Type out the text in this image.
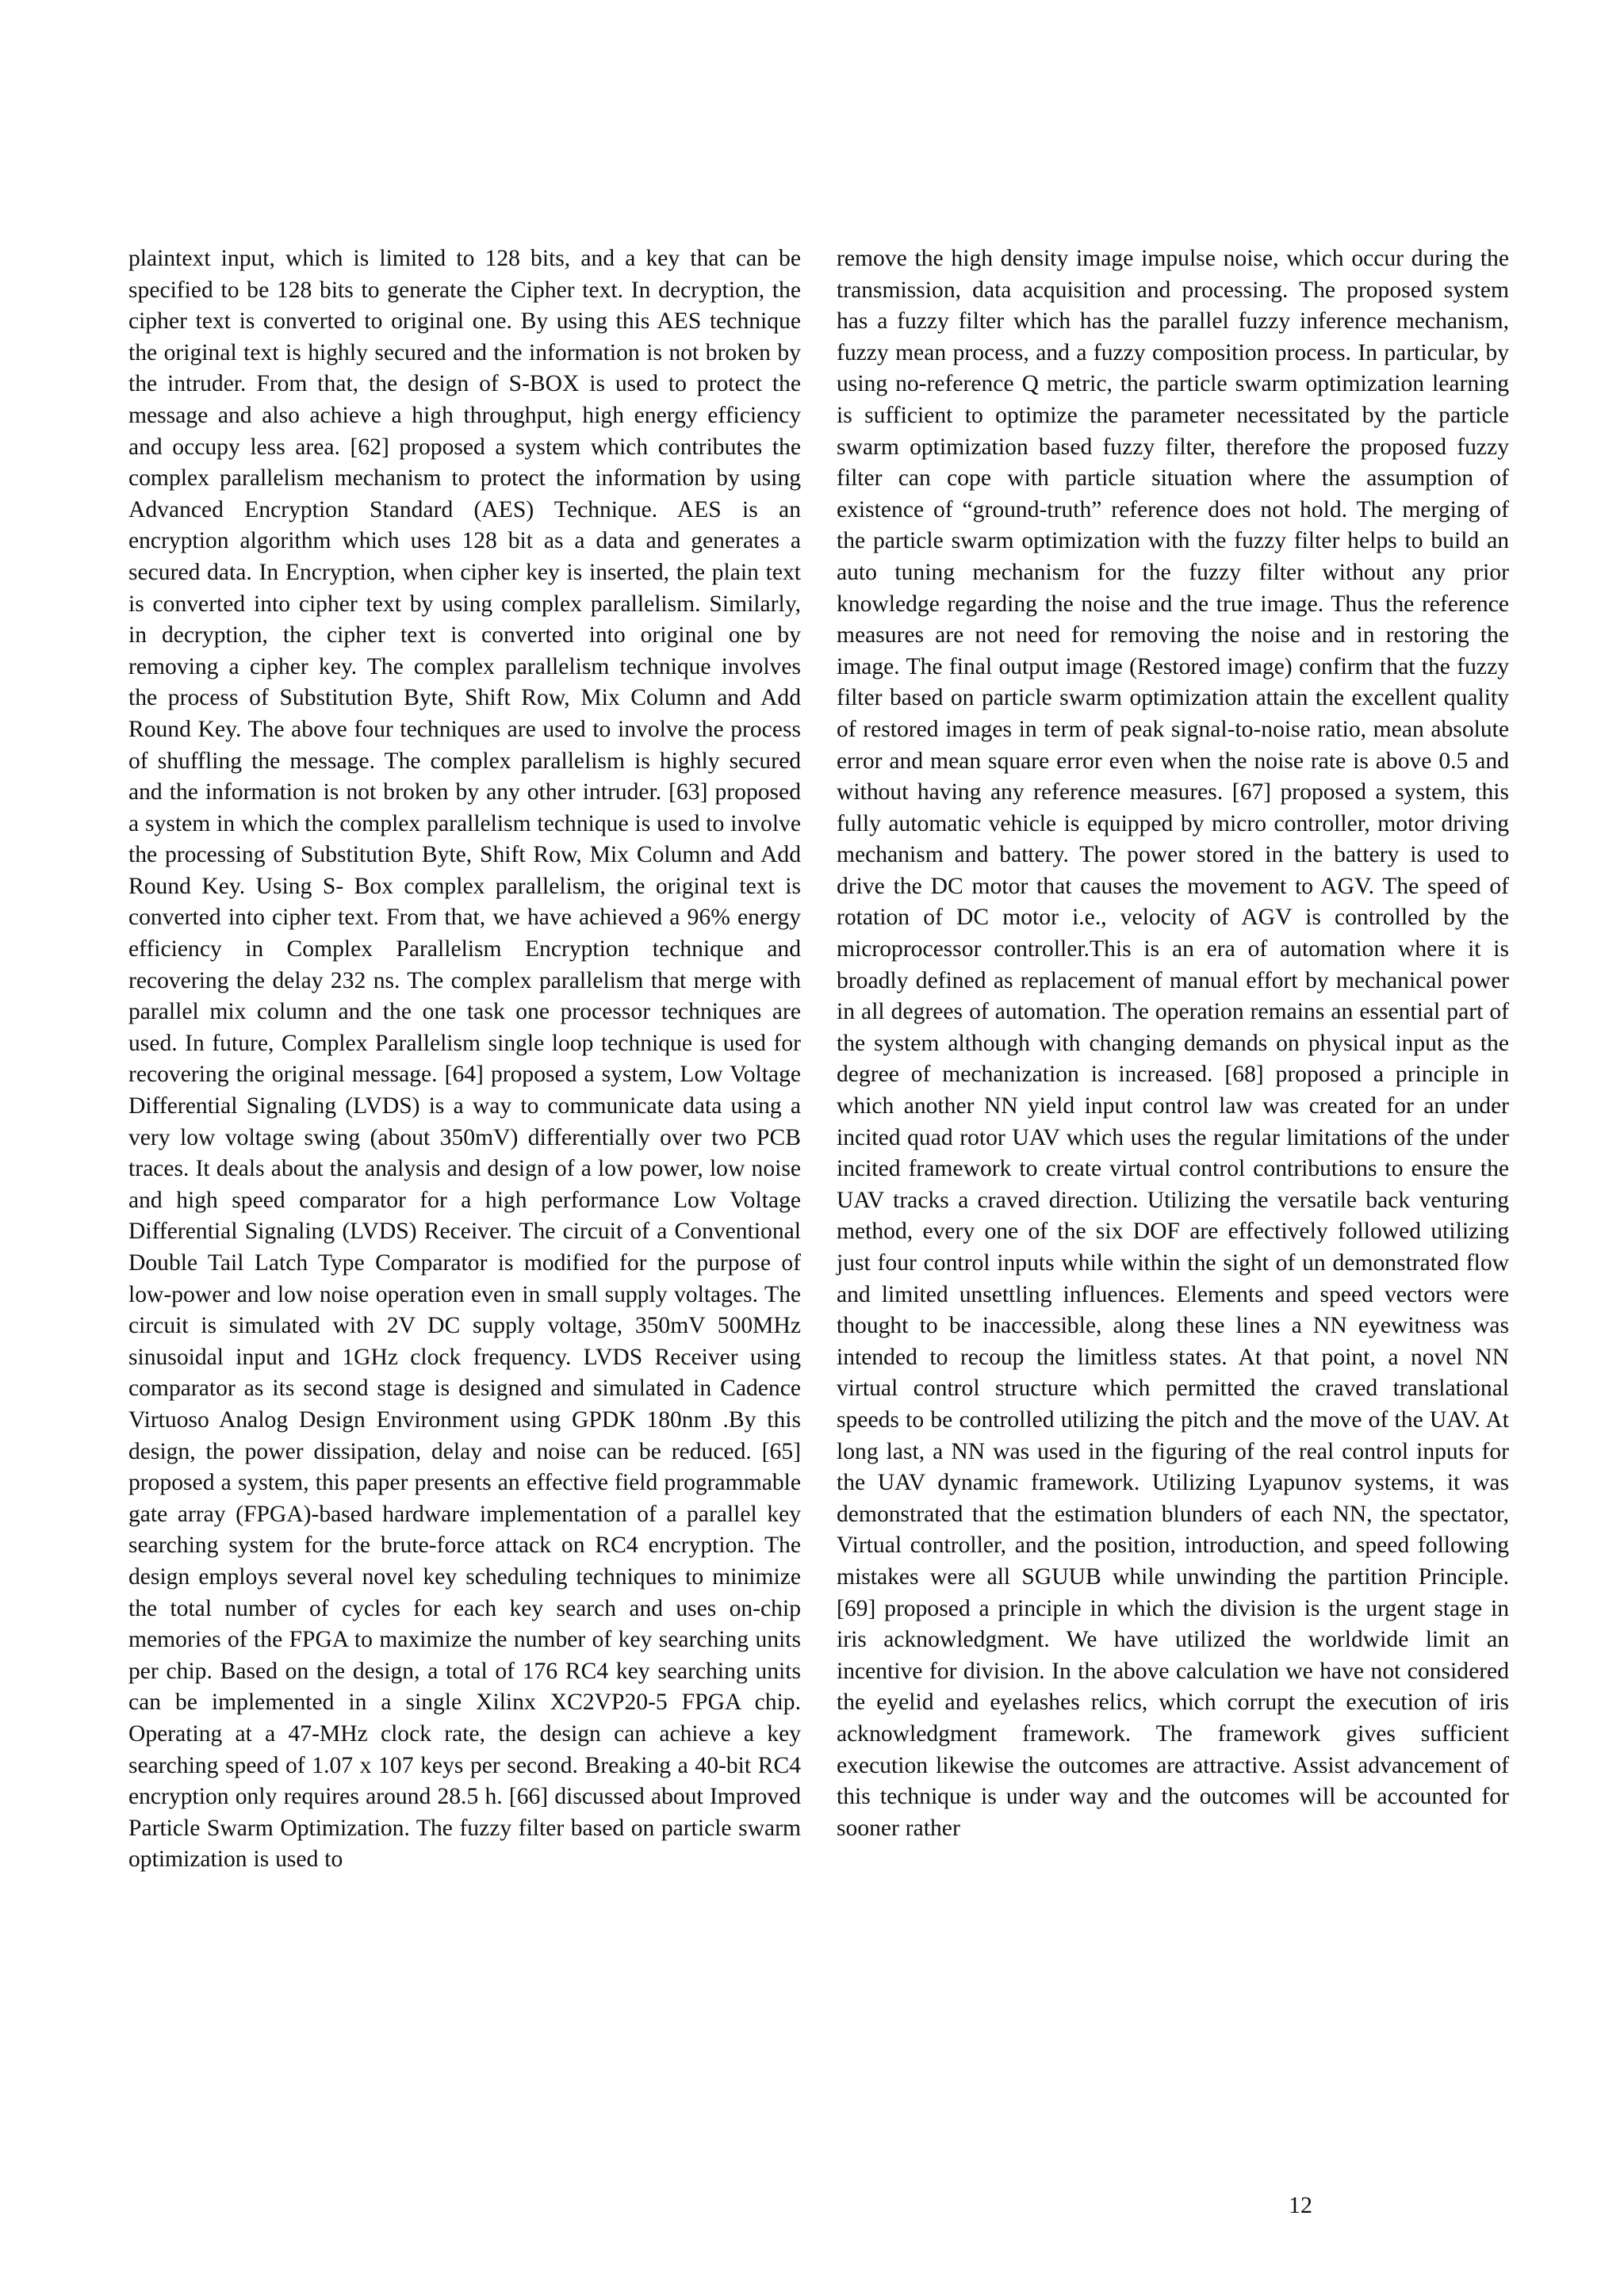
plaintext input, which is limited to 128 bits, and a key that can be specified to be 128 bits to generate the Cipher text. In decryption, the cipher text is converted to original one. By using this AES technique the original text is highly secured and the information is not broken by the intruder. From that, the design of S-BOX is used to protect the message and also achieve a high throughput, high energy efficiency and occupy less area. [62] proposed a system which contributes the complex parallelism mechanism to protect the information by using Advanced Encryption Standard (AES) Technique. AES is an encryption algorithm which uses 128 bit as a data and generates a secured data. In Encryption, when cipher key is inserted, the plain text is converted into cipher text by using complex parallelism. Similarly, in decryption, the cipher text is converted into original one by removing a cipher key. The complex parallelism technique involves the process of Substitution Byte, Shift Row, Mix Column and Add Round Key. The above four techniques are used to involve the process of shuffling the message. The complex parallelism is highly secured and the information is not broken by any other intruder. [63] proposed a system in which the complex parallelism technique is used to involve the processing of Substitution Byte, Shift Row, Mix Column and Add Round Key. Using S- Box complex parallelism, the original text is converted into cipher text. From that, we have achieved a 96% energy efficiency in Complex Parallelism Encryption technique and recovering the delay 232 ns. The complex parallelism that merge with parallel mix column and the one task one processor techniques are used. In future, Complex Parallelism single loop technique is used for recovering the original message. [64] proposed a system, Low Voltage Differential Signaling (LVDS) is a way to communicate data using a very low voltage swing (about 350mV) differentially over two PCB traces. It deals about the analysis and design of a low power, low noise and high speed comparator for a high performance Low Voltage Differential Signaling (LVDS) Receiver. The circuit of a Conventional Double Tail Latch Type Comparator is modified for the purpose of low-power and low noise operation even in small supply voltages. The circuit is simulated with 2V DC supply voltage, 350mV 500MHz sinusoidal input and 1GHz clock frequency. LVDS Receiver using comparator as its second stage is designed and simulated in Cadence Virtuoso Analog Design Environment using GPDK 180nm .By this design, the power dissipation, delay and noise can be reduced. [65] proposed a system, this paper presents an effective field programmable gate array (FPGA)-based hardware implementation of a parallel key searching system for the brute-force attack on RC4 encryption. The design employs several novel key scheduling techniques to minimize the total number of cycles for each key search and uses on-chip memories of the FPGA to maximize the number of key searching units per chip. Based on the design, a total of 176 RC4 key searching units can be implemented in a single Xilinx XC2VP20-5 FPGA chip. Operating at a 47-MHz clock rate, the design can achieve a key searching speed of 1.07 x 107 keys per second. Breaking a 40-bit RC4 encryption only requires around 28.5 h. [66] discussed about Improved Particle Swarm Optimization. The fuzzy filter based on particle swarm optimization is used to

remove the high density image impulse noise, which occur during the transmission, data acquisition and processing. The proposed system has a fuzzy filter which has the parallel fuzzy inference mechanism, fuzzy mean process, and a fuzzy composition process. In particular, by using no-reference Q metric, the particle swarm optimization learning is sufficient to optimize the parameter necessitated by the particle swarm optimization based fuzzy filter, therefore the proposed fuzzy filter can cope with particle situation where the assumption of existence of “ground-truth” reference does not hold. The merging of the particle swarm optimization with the fuzzy filter helps to build an auto tuning mechanism for the fuzzy filter without any prior knowledge regarding the noise and the true image. Thus the reference measures are not need for removing the noise and in restoring the image. The final output image (Restored image) confirm that the fuzzy filter based on particle swarm optimization attain the excellent quality of restored images in term of peak signal-to-noise ratio, mean absolute error and mean square error even when the noise rate is above 0.5 and without having any reference measures. [67] proposed a system, this fully automatic vehicle is equipped by micro controller, motor driving mechanism and battery. The power stored in the battery is used to drive the DC motor that causes the movement to AGV. The speed of rotation of DC motor i.e., velocity of AGV is controlled by the microprocessor controller.This is an era of automation where it is broadly defined as replacement of manual effort by mechanical power in all degrees of automation. The operation remains an essential part of the system although with changing demands on physical input as the degree of mechanization is increased. [68] proposed a principle in which another NN yield input control law was created for an under incited quad rotor UAV which uses the regular limitations of the under incited framework to create virtual control contributions to ensure the UAV tracks a craved direction. Utilizing the versatile back venturing method, every one of the six DOF are effectively followed utilizing just four control inputs while within the sight of un demonstrated flow and limited unsettling influences. Elements and speed vectors were thought to be inaccessible, along these lines a NN eyewitness was intended to recoup the limitless states. At that point, a novel NN virtual control structure which permitted the craved translational speeds to be controlled utilizing the pitch and the move of the UAV. At long last, a NN was used in the figuring of the real control inputs for the UAV dynamic framework. Utilizing Lyapunov systems, it was demonstrated that the estimation blunders of each NN, the spectator, Virtual controller, and the position, introduction, and speed following mistakes were all SGUUB while unwinding the partition Principle. [69] proposed a principle in which the division is the urgent stage in iris acknowledgment. We have utilized the worldwide limit an incentive for division. In the above calculation we have not considered the eyelid and eyelashes relics, which corrupt the execution of iris acknowledgment framework. The framework gives sufficient execution likewise the outcomes are attractive. Assist advancement of this technique is under way and the outcomes will be accounted for sooner rather

12
